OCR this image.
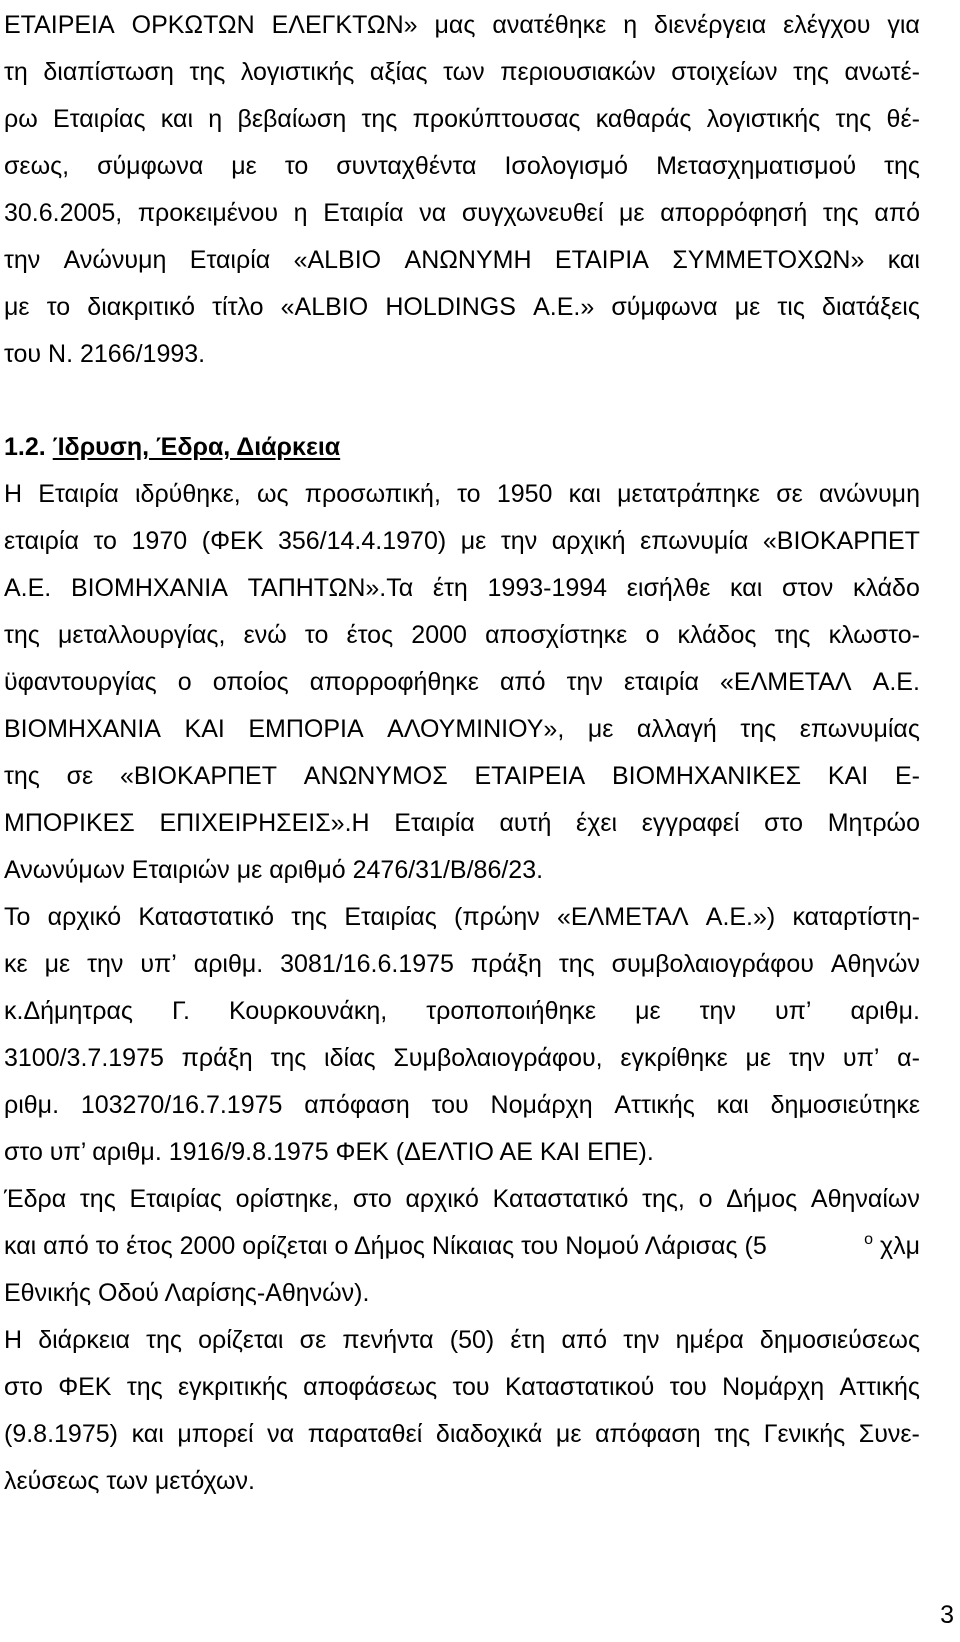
ΕΤΑΙΡΕΙΑ ΟΡΚΩΤΩΝ ΕΛΕΓΚΤΩΝ» μας ανατέθηκε η διενέργεια ελέγχου για
τη διαπίστωση της λογιστικής αξίας των περιουσιακών στοιχείων της ανωτέ-
ρω Εταιρίας και η βεβαίωση της προκύπτουσας καθαράς λογιστικής της θέ-
σεως, σύμφωνα με το συνταχθέντα Ισολογισμό Μετασχηματισμού της
30.6.2005, προκειμένου η Εταιρία να συγχωνευθεί με απορρόφησή της από
την Ανώνυμη Εταιρία «ALBIO ΑΝΩΝΥΜΗ ΕΤΑΙΡΙΑ ΣΥΜΜΕΤΟΧΩΝ» και
με το διακριτικό τίτλο «ALBIO HOLDINGS Α.Ε.» σύμφωνα με τις διατάξεις
του Ν. 2166/1993.
1.2. Ίδρυση, Έδρα, Διάρκεια
Η Εταιρία ιδρύθηκε, ως προσωπική, το 1950 και μετατράπηκε σε ανώνυμη
εταιρία το 1970 (ΦΕΚ 356/14.4.1970) με την αρχική επωνυμία «ΒΙΟΚΑΡΠΕΤ
Α.Ε. ΒΙΟΜΗΧΑΝΙΑ ΤΑΠΗΤΩΝ».Τα έτη 1993-1994 εισήλθε και στον κλάδο
της μεταλλουργίας, ενώ το έτος 2000 αποσχίστηκε ο κλάδος της κλωστο-
ϋφαντουργίας ο οποίος απορροφήθηκε από την εταιρία «ΕΛΜΕΤΑΛ Α.Ε.
ΒΙΟΜΗΧΑΝΙΑ ΚΑΙ ΕΜΠΟΡΙΑ ΑΛΟΥΜΙΝΙΟΥ», με αλλαγή της επωνυμίας
της σε «ΒΙΟΚΑΡΠΕΤ ΑΝΩΝΥΜΟΣ ΕΤΑΙΡΕΙΑ ΒΙΟΜΗΧΑΝΙΚΕΣ ΚΑΙ Ε-
ΜΠΟΡΙΚΕΣ ΕΠΙΧΕΙΡΗΣΕΙΣ».Η Εταιρία αυτή έχει εγγραφεί στο Μητρώο
Ανωνύμων Εταιριών με αριθμό 2476/31/Β/86/23.
Το αρχικό Καταστατικό της Εταιρίας (πρώην «ΕΛΜΕΤΑΛ Α.Ε.») καταρτίστη-
κε με την υπ’ αριθμ. 3081/16.6.1975 πράξη της συμβολαιογράφου Αθηνών
κ.Δήμητρας Γ. Κουρκουνάκη, τροποποιήθηκε με την υπ’ αριθμ.
3100/3.7.1975 πράξη της ιδίας Συμβολαιογράφου, εγκρίθηκε με την υπ’ α-
ριθμ. 103270/16.7.1975 απόφαση του Νομάρχη Αττικής και δημοσιεύτηκε
στο υπ’ αριθμ. 1916/9.8.1975 ΦΕΚ (ΔΕΛΤΙΟ ΑΕ ΚΑΙ ΕΠΕ).
Έδρα της Εταιρίας ορίστηκε, στο αρχικό Καταστατικό της, ο Δήμος Αθηναίων
και από το έτος 2000 ορίζεται ο Δήμος Νίκαιας του Νομού Λάρισας (5	$^o$ χλμ
Εθνικής Οδού Λαρίσης-Αθηνών).
Η διάρκεια της ορίζεται σε πενήντα (50) έτη από την ημέρα δημοσιεύσεως
στο ΦΕΚ της εγκριτικής αποφάσεως του Καταστατικού του Νομάρχη Αττικής
(9.8.1975) και μπορεί να παραταθεί διαδοχικά με απόφαση της Γενικής Συνε-
λεύσεως των μετόχων.
3
